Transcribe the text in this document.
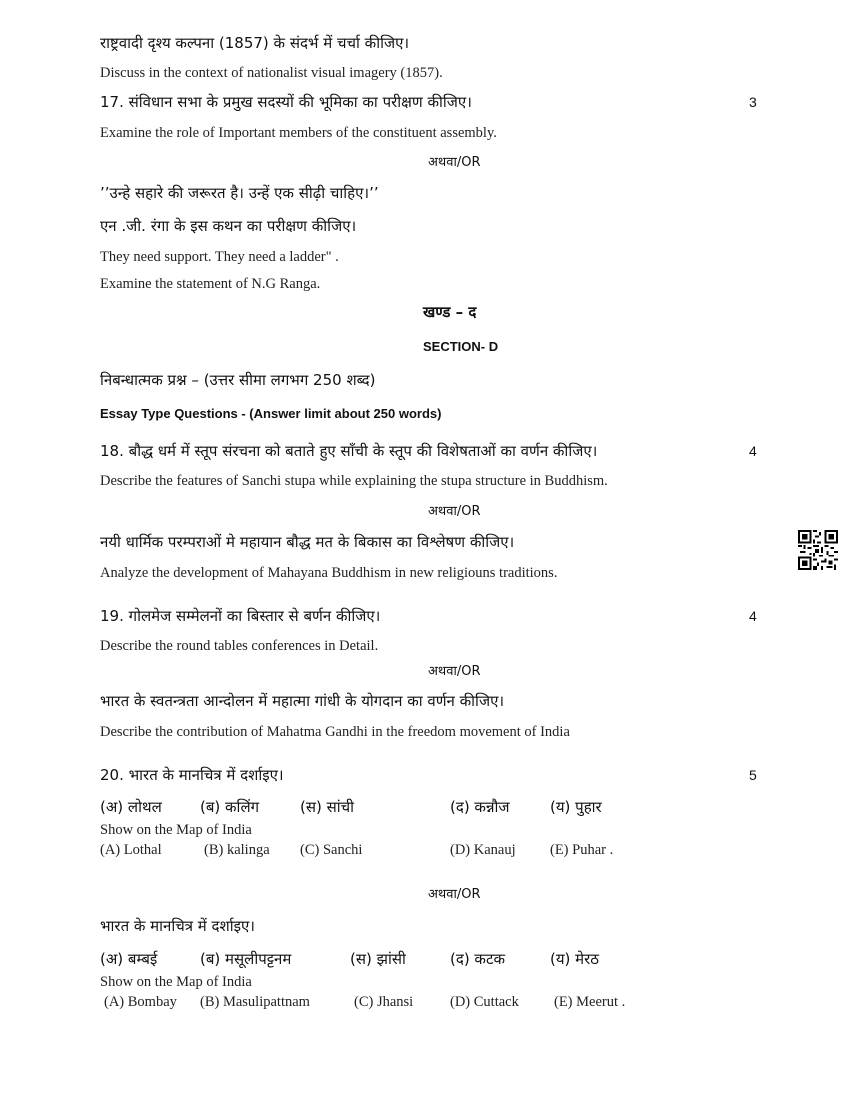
राष्ट्रवादी दृश्य कल्पना (1857) के संदर्भ में चर्चा कीजिए।
Discuss in the context of nationalist visual imagery (1857).
17. संविधान सभा के प्रमुख सदस्यों की भूमिका का परीक्षण कीजिए।	3
Examine the role of Important members of the constituent assembly.
अथवा/OR
’’उन्हे सहारे की जरूरत है। उन्हें एक सीढ़ी चाहिए।’’
एन .जी. रंगा के इस कथन का परीक्षण कीजिए।
They need support. They need a ladder" .
Examine the statement of N.G Ranga.
खण्ड – द
SECTION- D
निबन्धात्मक प्रश्न – (उत्तर सीमा लगभग 250 शब्द)
Essay Type Questions - (Answer limit about 250 words)
18. बौद्ध धर्म में स्तूप संरचना को बताते हुए साँची के स्तूप की विशेषताओं का वर्णन कीजिए।	4
Describe the features of Sanchi stupa while explaining the stupa structure in Buddhism.
अथवा/OR
नयी धार्मिक परम्पराओं मे महायान बौद्ध मत के बिकास का विश्लेषण कीजिए।
Analyze the development of Mahayana Buddhism in new religiouns traditions.
19. गोलमेज सम्मेलनों का बिस्तार से बर्णन कीजिए।	4
Describe the round tables conferences in Detail.
अथवा/OR
भारत के स्वतन्त्रता आन्दोलन में महात्मा गांधी के योगदान का वर्णन कीजिए।
Describe the contribution of Mahatma Gandhi in the freedom movement of India
20. भारत के मानचित्र में दर्शाइए।	5
(अ) लोथल	(ब) कलिंग	(स) सांची	(द) कन्नौज	(य) पुहार
Show on the Map of India
(A) Lothal	(B) kalinga (C) Sanchi	(D) Kanauj (E) Puhar .
अथवा/OR
भारत के मानचित्र में दर्शाइए।
(अ) बम्बई	(ब) मसूलीपट्टनम	(स) झांसी	(द) कटक	(य) मेरठ
Show on the Map of India
(A) Bombay (B) Masulipattnam	(C) Jhansi	(D) Cuttack (E) Meerut .
